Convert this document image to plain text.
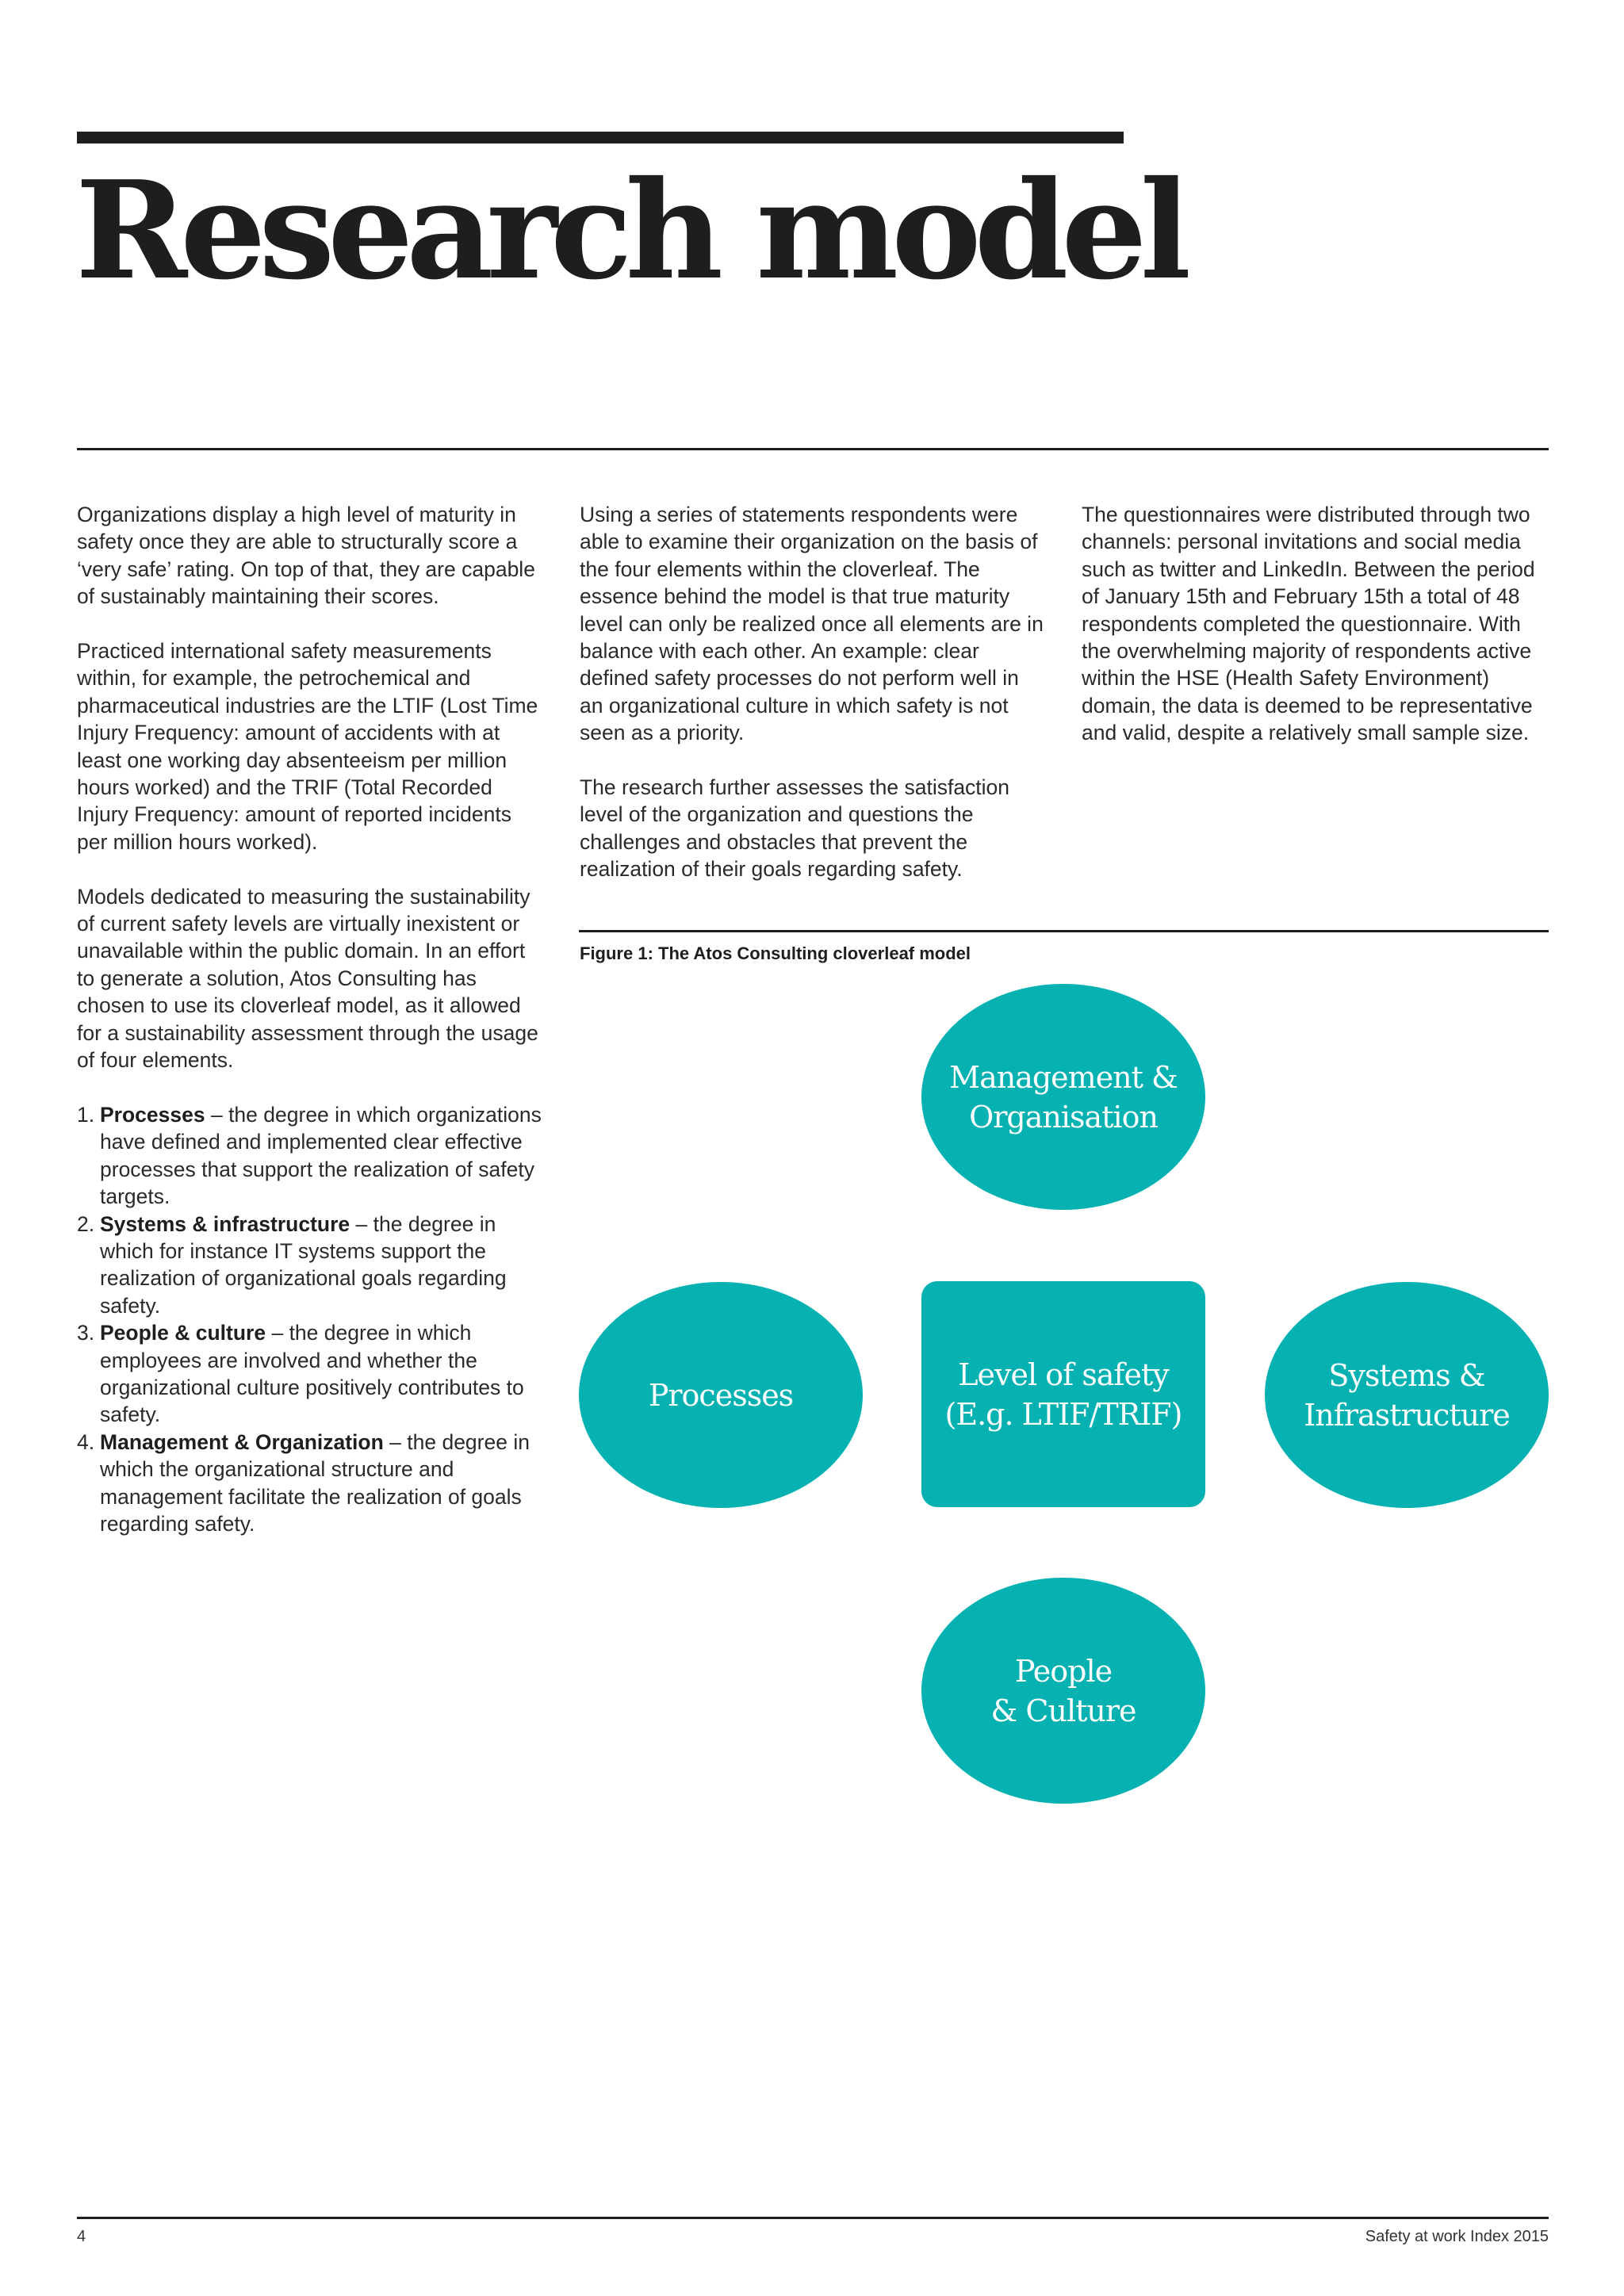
Research model

Organizations display a high level of maturity in safety once they are able to structurally score a ‘very safe’ rating. On top of that, they are capable of sustainably maintaining their scores.

Practiced international safety measurements within, for example, the petrochemical and pharmaceutical industries are the LTIF (Lost Time Injury Frequency: amount of accidents with at least one working day absenteeism per million hours worked) and the TRIF (Total Recorded Injury Frequency: amount of reported incidents per million hours worked).

Models dedicated to measuring the sustainability of current safety levels are virtually inexistent or unavailable within the public domain. In an effort to generate a solution, Atos Consulting has chosen to use its cloverleaf model, as it allowed for a sustainability assessment through the usage of four elements.

1. Processes – the degree in which organizations have defined and implemented clear effective processes that support the realization of safety targets.
2. Systems & infrastructure – the degree in which for instance IT systems support the realization of organizational goals regarding safety.
3. People & culture – the degree in which employees are involved and whether the organizational culture positively contributes to safety.
4. Management & Organization – the degree in which the organizational structure and management facilitate the realization of goals regarding safety.

Using a series of statements respondents were able to examine their organization on the basis of the four elements within the cloverleaf. The essence behind the model is that true maturity level can only be realized once all elements are in balance with each other. An example: clear defined safety processes do not perform well in an organizational culture in which safety is not seen as a priority.

The research further assesses the satisfaction level of the organization and questions the challenges and obstacles that prevent the realization of their goals regarding safety.

The questionnaires were distributed through two channels: personal invitations and social media such as twitter and LinkedIn. Between the period of January 15th and February 15th a total of 48 respondents completed the questionnaire. With the overwhelming majority of respondents active within the HSE (Health Safety Environment) domain, the data is deemed to be representative and valid, despite a relatively small sample size.

Figure 1: The Atos Consulting cloverleaf model
Management &
Organisation
Processes
Level of safety
(E.g. LTIF/TRIF)
Systems &
Infrastructure
People
& Culture
4	Safety at work Index 2015
